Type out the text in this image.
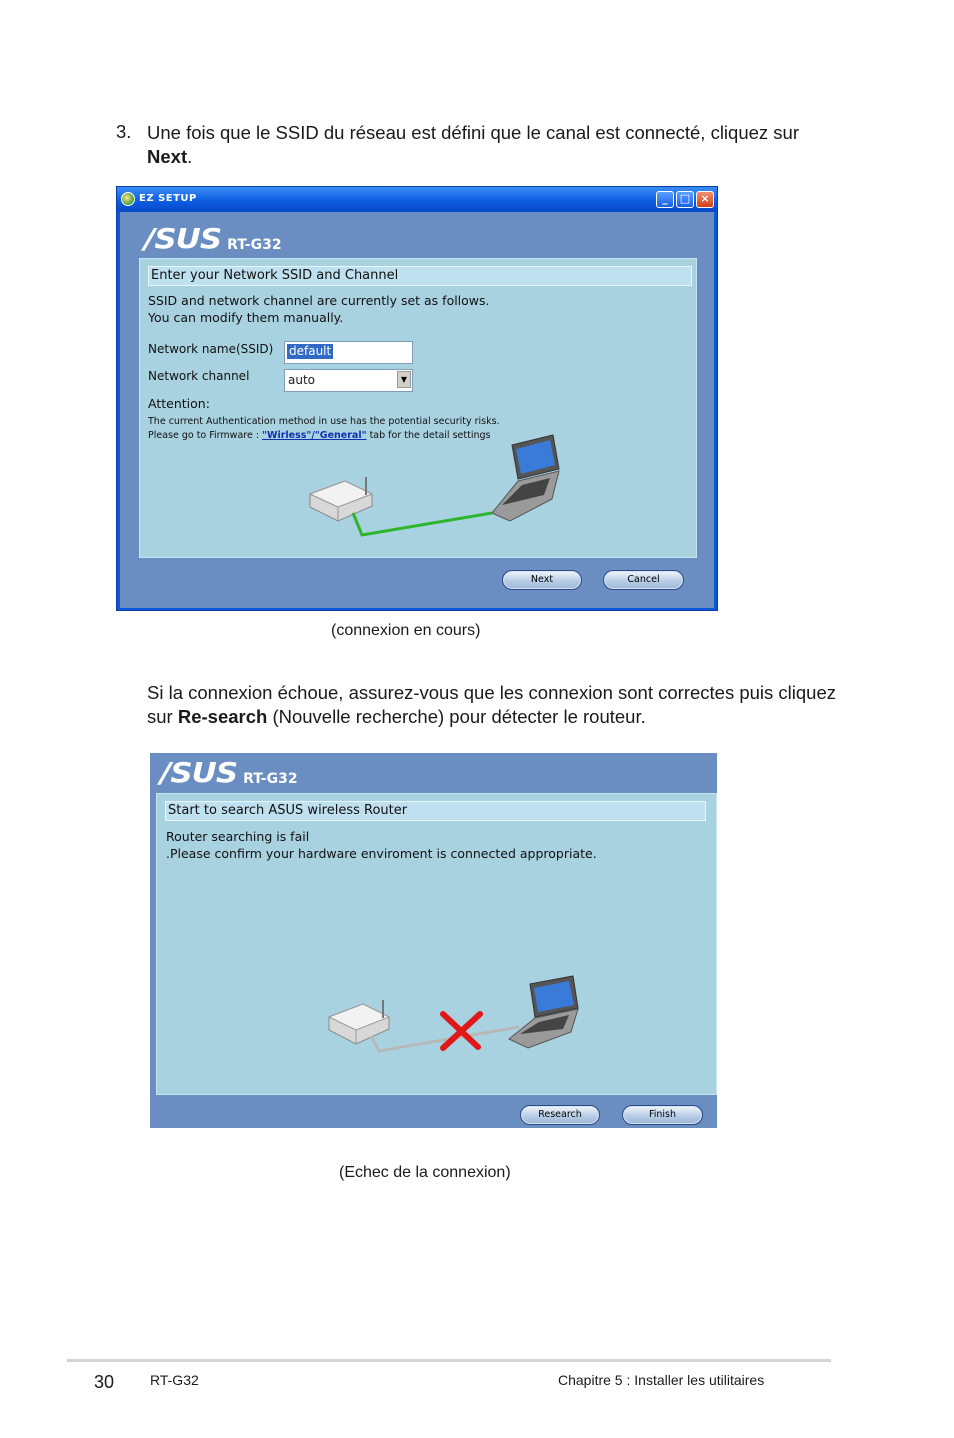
3. Une fois que le SSID du réseau est défini que le canal est connecté, cliquez sur Next.
EZ SETUP	_	□ ×
/SUS RT-G32
Enter your Network SSID and Channel
SSID and network channel are currently set as follows.
You can modify them manually.
Network name(SSID) default
Network channel	auto	▼
Attention:
The current Authentication method in use has the potential security risks.
Please go to Firmware : "Wirless"/"General" tab for the detail settings
Next	Cancel
(connexion en cours)
Si la connexion échoue, assurez-vous que les connexion sont correctes puis cliquez sur Re-search (Nouvelle recherche) pour détecter le routeur.
/SUS RT-G32
Start to search ASUS wireless Router
Router searching is fail
.Please confirm your hardware enviroment is connected appropriate.
Research	Finish
(Echec de la connexion)
30	RT-G32	Chapitre 5 : Installer les utilitaires
